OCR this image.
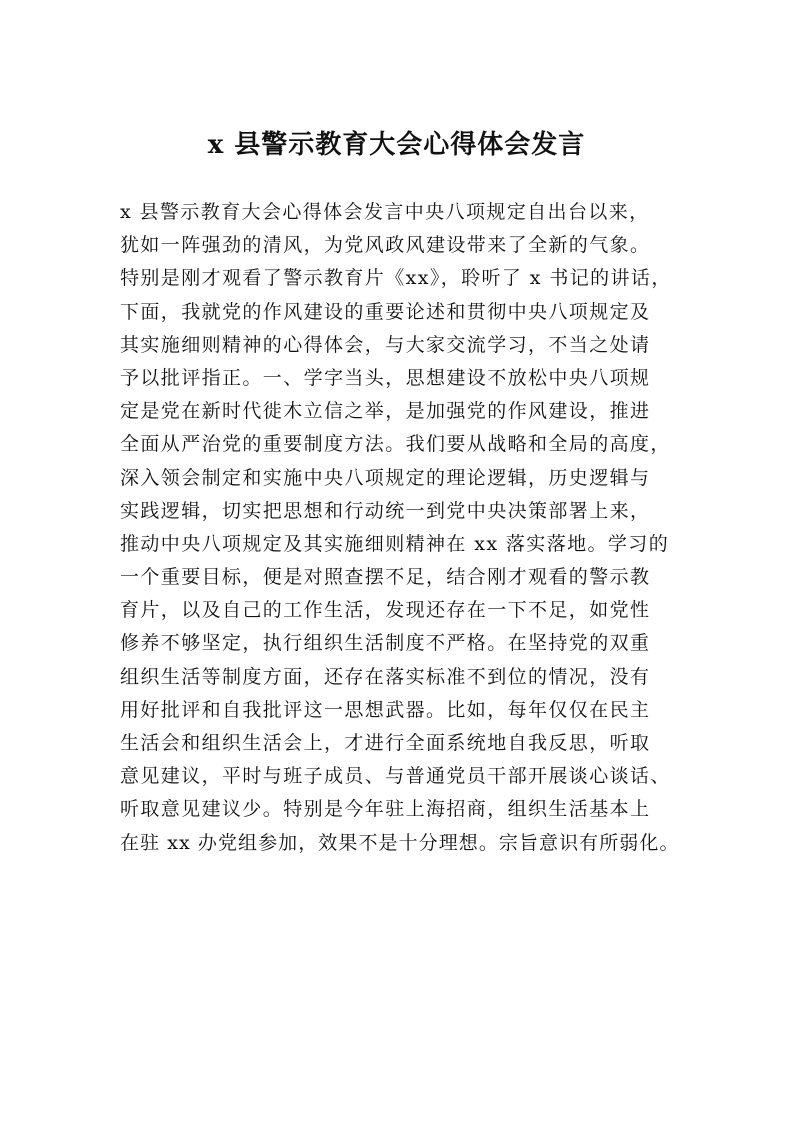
x 县警示教育大会心得体会发言
x 县警示教育大会心得体会发言中央八项规定自出台以来，
犹如一阵强劲的清风，为党风政风建设带来了全新的气象。
特别是刚才观看了警示教育片《xx》，聆听了 x 书记的讲话，
下面，我就党的作风建设的重要论述和贯彻中央八项规定及
其实施细则精神的心得体会，与大家交流学习，不当之处请
予以批评指正。一、学字当头，思想建设不放松中央八项规
定是党在新时代徙木立信之举，是加强党的作风建设，推进
全面从严治党的重要制度方法。我们要从战略和全局的高度，
深入领会制定和实施中央八项规定的理论逻辑，历史逻辑与
实践逻辑，切实把思想和行动统一到党中央决策部署上来，
推动中央八项规定及其实施细则精神在 xx 落实落地。学习的
一个重要目标，便是对照查摆不足，结合刚才观看的警示教
育片，以及自己的工作生活，发现还存在一下不足，如党性
修养不够坚定，执行组织生活制度不严格。在坚持党的双重
组织生活等制度方面，还存在落实标准不到位的情况，没有
用好批评和自我批评这一思想武器。比如，每年仅仅在民主
生活会和组织生活会上，才进行全面系统地自我反思，听取
意见建议，平时与班子成员、与普通党员干部开展谈心谈话、
听取意见建议少。特别是今年驻上海招商，组织生活基本上
在驻 xx 办党组参加，效果不是十分理想。宗旨意识有所弱化。
